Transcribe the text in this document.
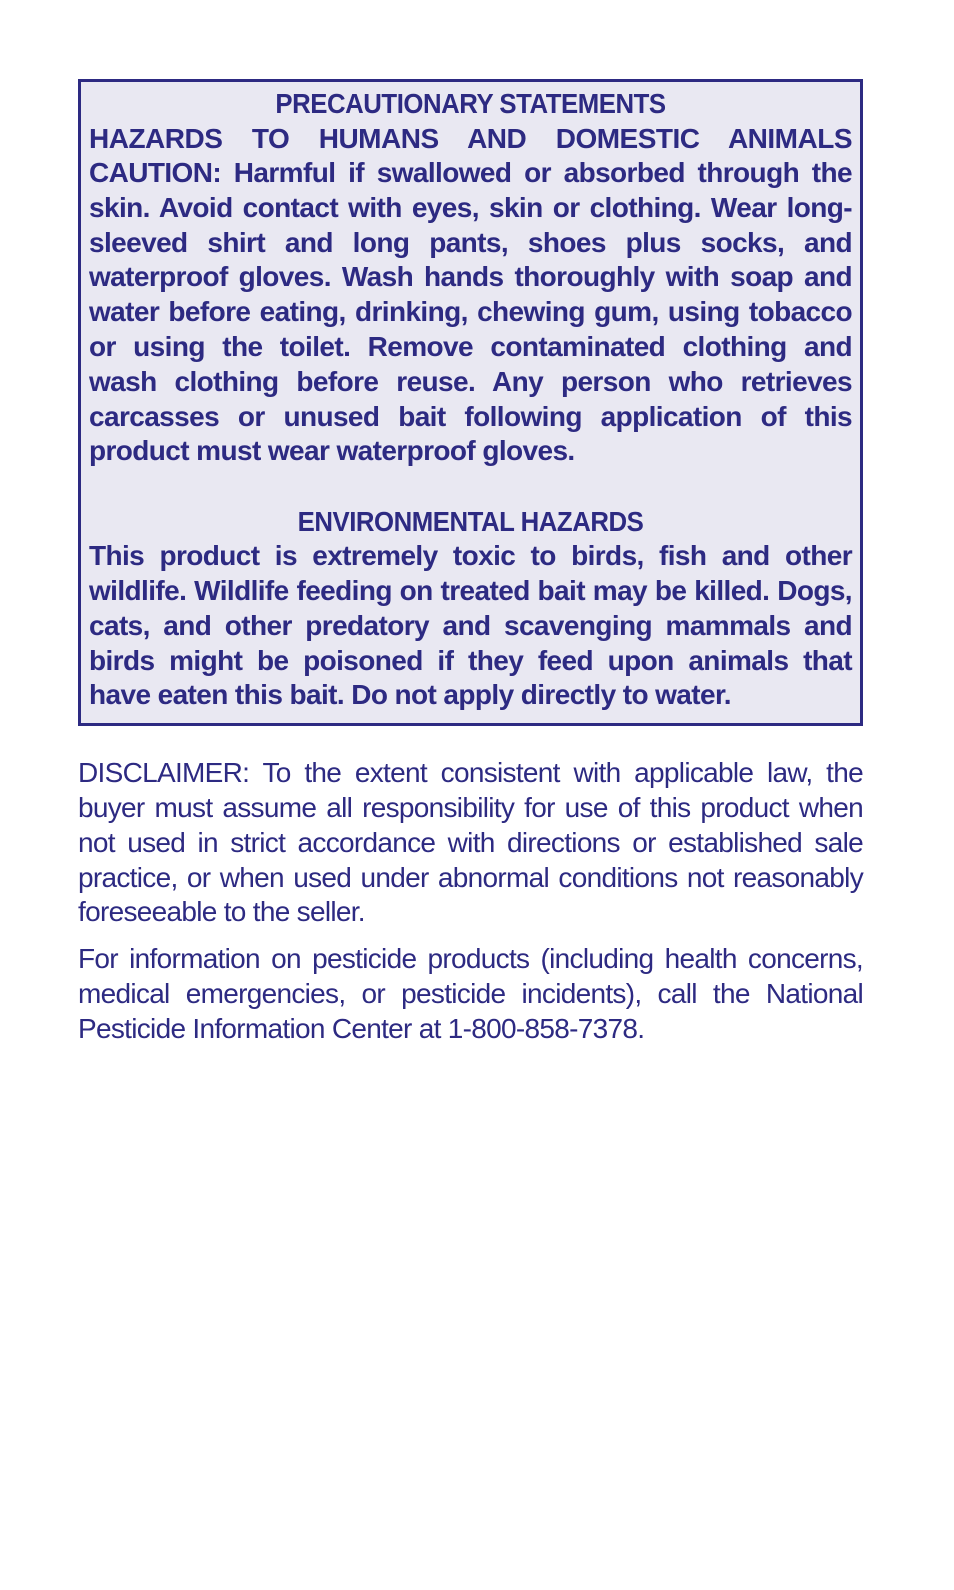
PRECAUTIONARY STATEMENTS
HAZARDS TO HUMANS AND DOMESTIC ANIMALS
CAUTION: Harmful if swallowed or absorbed through the skin. Avoid contact with eyes, skin or clothing. Wear long-sleeved shirt and long pants, shoes plus socks, and waterproof gloves. Wash hands thoroughly with soap and water before eating, drinking, chewing gum, using tobacco or using the toilet. Remove contaminated clothing and wash clothing before reuse. Any person who retrieves carcasses or unused bait following application of this product must wear waterproof gloves.
ENVIRONMENTAL HAZARDS
This product is extremely toxic to birds, fish and other wildlife. Wildlife feeding on treated bait may be killed. Dogs, cats, and other predatory and scavenging mammals and birds might be poisoned if they feed upon animals that have eaten this bait. Do not apply directly to water.
DISCLAIMER: To the extent consistent with applicable law, the buyer must assume all responsibility for use of this product when not used in strict accordance with directions or established sale practice, or when used under abnormal conditions not reasonably foreseeable to the seller.
For information on pesticide products (including health concerns, medical emergencies, or pesticide incidents), call the National Pesticide Information Center at 1-800-858-7378.
